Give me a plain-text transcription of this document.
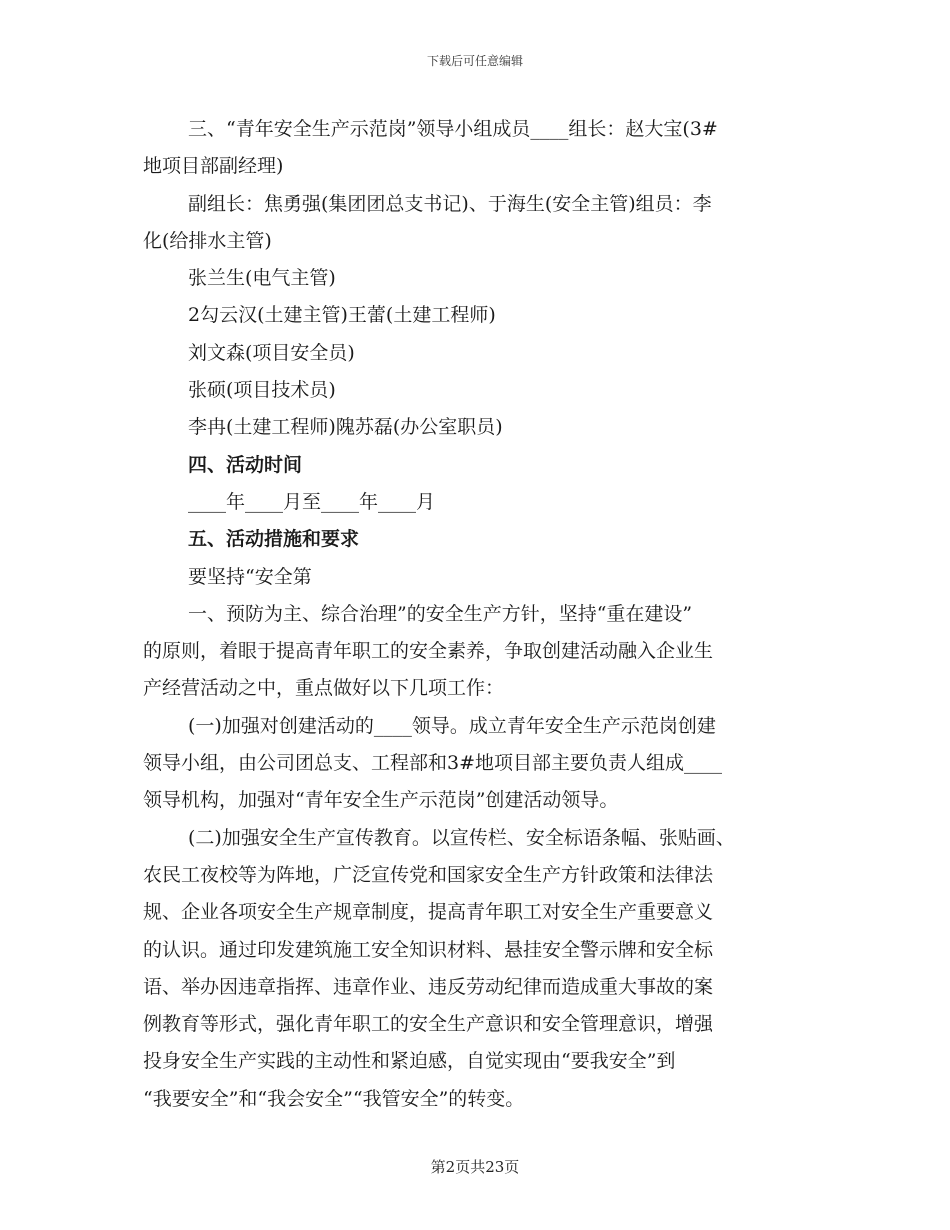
下载后可任意编辑
三、“青年安全生产示范岗”领导小组成员____组长：赵大宝(3#
地项目部副经理)
副组长：焦勇强(集团团总支书记)、于海生(安全主管)组员：李
化(给排水主管)
张兰生(电气主管)
2勾云汉(土建主管)王蕾(土建工程师)
刘文森(项目安全员)
张硕(项目技术员)
李冉(土建工程师)隗苏磊(办公室职员)
四、活动时间
____年____月至____年____月
五、活动措施和要求
要坚持“安全第
一、预防为主、综合治理”的安全生产方针，坚持“重在建设”
的原则，着眼于提高青年职工的安全素养，争取创建活动融入企业生
产经营活动之中，重点做好以下几项工作：
(一)加强对创建活动的____领导。成立青年安全生产示范岗创建
领导小组，由公司团总支、工程部和3#地项目部主要负责人组成____
领导机构，加强对“青年安全生产示范岗”创建活动领导。
(二)加强安全生产宣传教育。以宣传栏、安全标语条幅、张贴画、
农民工夜校等为阵地，广泛宣传党和国家安全生产方针政策和法律法
规、企业各项安全生产规章制度，提高青年职工对安全生产重要意义
的认识。通过印发建筑施工安全知识材料、悬挂安全警示牌和安全标
语、举办因违章指挥、违章作业、违反劳动纪律而造成重大事故的案
例教育等形式，强化青年职工的安全生产意识和安全管理意识，增强
投身安全生产实践的主动性和紧迫感，自觉实现由“要我安全”到
“我要安全”和“我会安全”“我管安全”的转变。
第2页共23页
